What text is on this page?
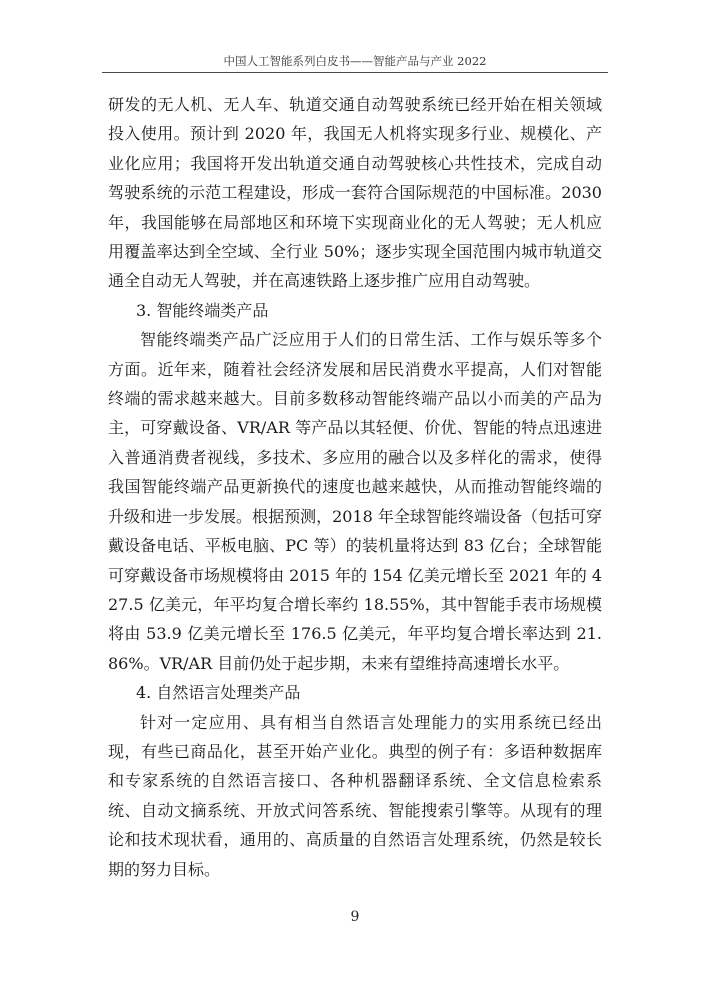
中国人工智能系列白皮书——智能产品与产业 2022

研发的无人机、无人车、轨道交通自动驾驶系统已经开始在相关领域投入使用。预计到 2020 年，我国无人机将实现多行业、规模化、产业化应用；我国将开发出轨道交通自动驾驶核心共性技术，完成自动驾驶系统的示范工程建设，形成一套符合国际规范的中国标准。2030 年，我国能够在局部地区和环境下实现商业化的无人驾驶；无人机应用覆盖率达到全空域、全行业 50%；逐步实现全国范围内城市轨道交通全自动无人驾驶，并在高速铁路上逐步推广应用自动驾驶。

3. 智能终端类产品

智能终端类产品广泛应用于人们的日常生活、工作与娱乐等多个方面。近年来，随着社会经济发展和居民消费水平提高，人们对智能终端的需求越来越大。目前多数移动智能终端产品以小而美的产品为主，可穿戴设备、VR/AR 等产品以其轻便、价优、智能的特点迅速进入普通消费者视线，多技术、多应用的融合以及多样化的需求，使得我国智能终端产品更新换代的速度也越来越快，从而推动智能终端的升级和进一步发展。根据预测，2018 年全球智能终端设备（包括可穿戴设备电话、平板电脑、PC 等）的装机量将达到 83 亿台；全球智能可穿戴设备市场规模将由 2015 年的 154 亿美元增长至 2021 年的 427.5 亿美元，年平均复合增长率约 18.55%，其中智能手表市场规模将由 53.9 亿美元增长至 176.5 亿美元，年平均复合增长率达到 21.86%。VR/AR 目前仍处于起步期，未来有望维持高速增长水平。

4. 自然语言处理类产品

针对一定应用、具有相当自然语言处理能力的实用系统已经出现，有些已商品化，甚至开始产业化。典型的例子有：多语种数据库和专家系统的自然语言接口、各种机器翻译系统、全文信息检索系统、自动文摘系统、开放式问答系统、智能搜索引擎等。从现有的理论和技术现状看，通用的、高质量的自然语言处理系统，仍然是较长期的努力目标。

9
